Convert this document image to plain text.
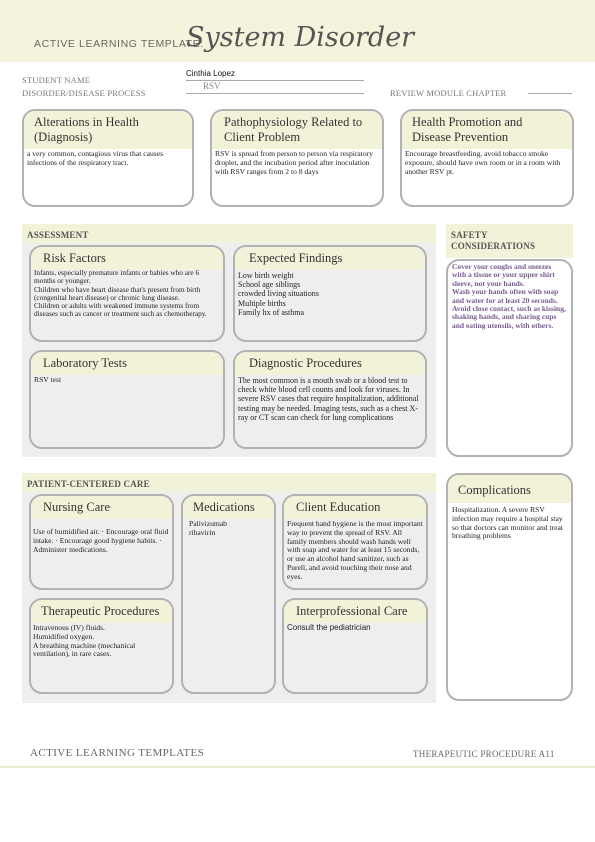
ACTIVE LEARNING TEMPLATE:
System Disorder
STUDENT NAME
Cinthia Lopez
DISORDER/DISEASE PROCESS
RSV
REVIEW MODULE CHAPTER
Alterations in Health (Diagnosis)
a very common, contagious virus that causes infections of the respiratory tract.
Pathophysiology Related to Client Problem
RSV is spread from person to person via respiratory droplet, and the incubation period after inoculation with RSV ranges from 2 to 8 days
Health Promotion and Disease Prevention
Encourage breastfeeding, avoid tobacco smoke exposure, should have own room or in a room with another RSV pt.
ASSESSMENT
Risk Factors
Infants, especially premature infants or babies who are 6 months or younger.
Children who have heart disease that's present from birth (congenital heart disease) or chronic lung disease.
Children or adults with weakened immune systems from diseases such as cancer or treatment such as chemotherapy.
Expected Findings
Low birth weight
School age siblings
crowded living situations
Multiple births
Family hx of asthma
Laboratory Tests
RSV test
Diagnostic Procedures
The most common is a mouth swab or a blood test to check white blood cell counts and look for viruses. In severe RSV cases that require hospitalization, additional testing may be needed. Imaging tests, such as a chest X-ray or CT scan can check for lung complications
SAFETY CONSIDERATIONS
Cover your coughs and sneezes with a tissue or your upper shirt sleeve, not your hands.
Wash your hands often with soap and water for at least 20 seconds.
Avoid close contact, such as kissing, shaking hands, and sharing cups and eating utensils, with others.
PATIENT-CENTERED CARE
Nursing Care
Use of humidified air. · Encourage oral fluid intake. · Encourage good hygiene habits. · Administer medications.
Medications
Palivizumab
ribavirin
Client Education
Frequent hand hygiene is the most important way to prevent the spread of RSV. All family members should wash hands well with soap and water for at least 15 seconds, or use an alcohol hand sanitizer, such as Purell, and avoid touching their nose and eyes.
Therapeutic Procedures
Intravenous (IV) fluids.
Humidified oxygen.
A breathing machine (mechanical ventilation), in rare cases.
Interprofessional Care
Consult the pediatrician
Complications
Hospitalization. A severe RSV infection may require a hospital stay so that doctors can monitor and treat breathing problems
ACTIVE LEARNING TEMPLATES	THERAPEUTIC PROCEDURE A11
